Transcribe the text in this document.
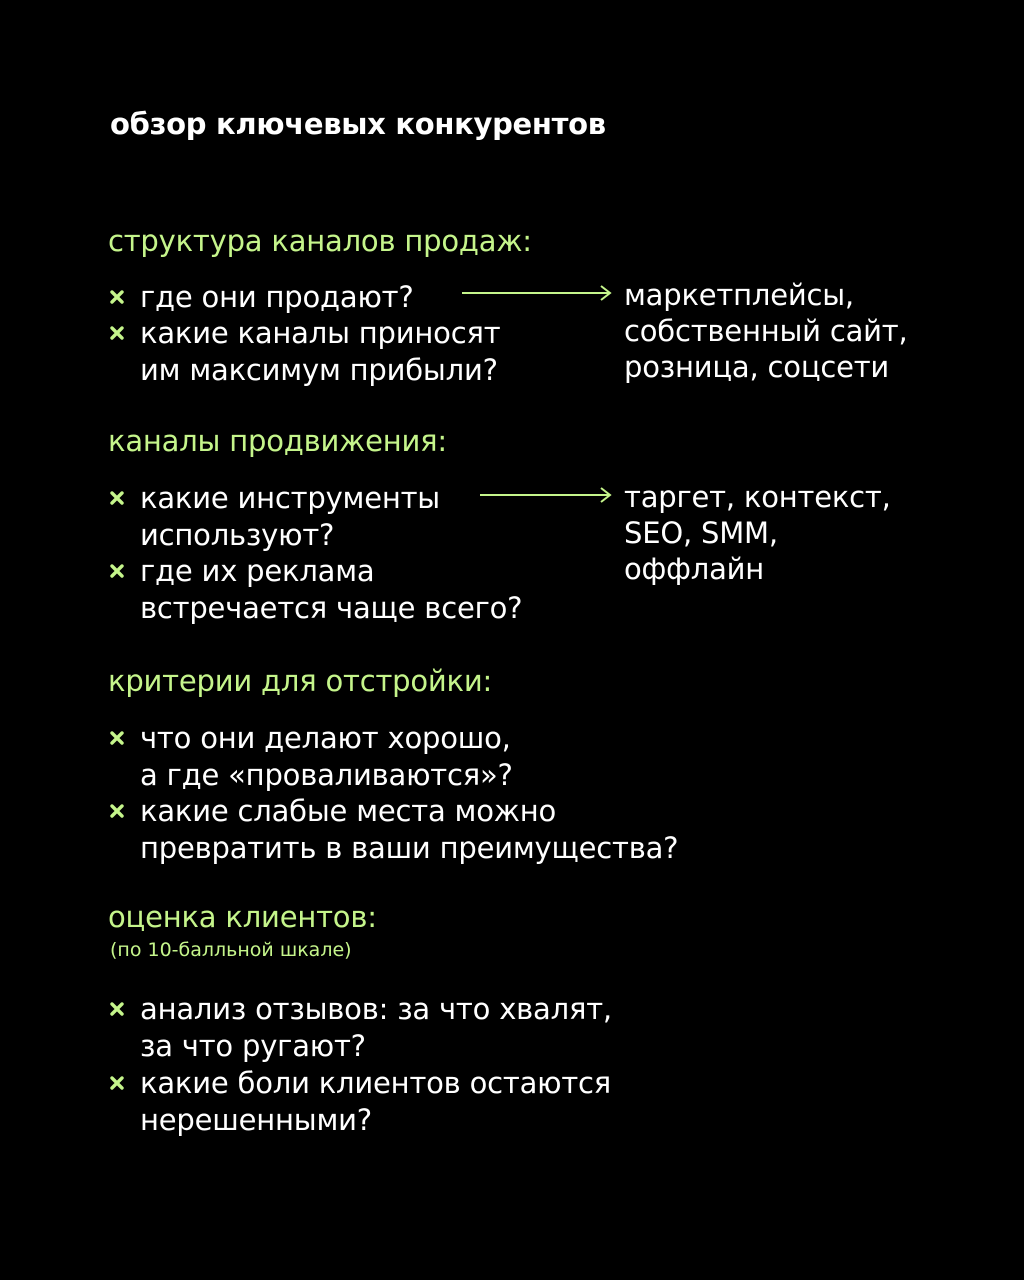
обзор ключевых конкурентов
структура каналов продаж:
где они продают?
какие каналы приносят
им максимум прибыли?
маркетплейсы,
собственный сайт,
розница, соцсети
каналы продвижения:
какие инструменты
используют?
где их реклама
встречается чаще всего?
таргет, контекст,
SEO, SMM,
оффлайн
критерии для отстройки:
что они делают хорошо,
а где «проваливаются»?
какие слабые места можно
превратить в ваши преимущества?
оценка клиентов:
(по 10-балльной шкале)
анализ отзывов: за что хвалят,
за что ругают?
какие боли клиентов остаются
нерешенными?
